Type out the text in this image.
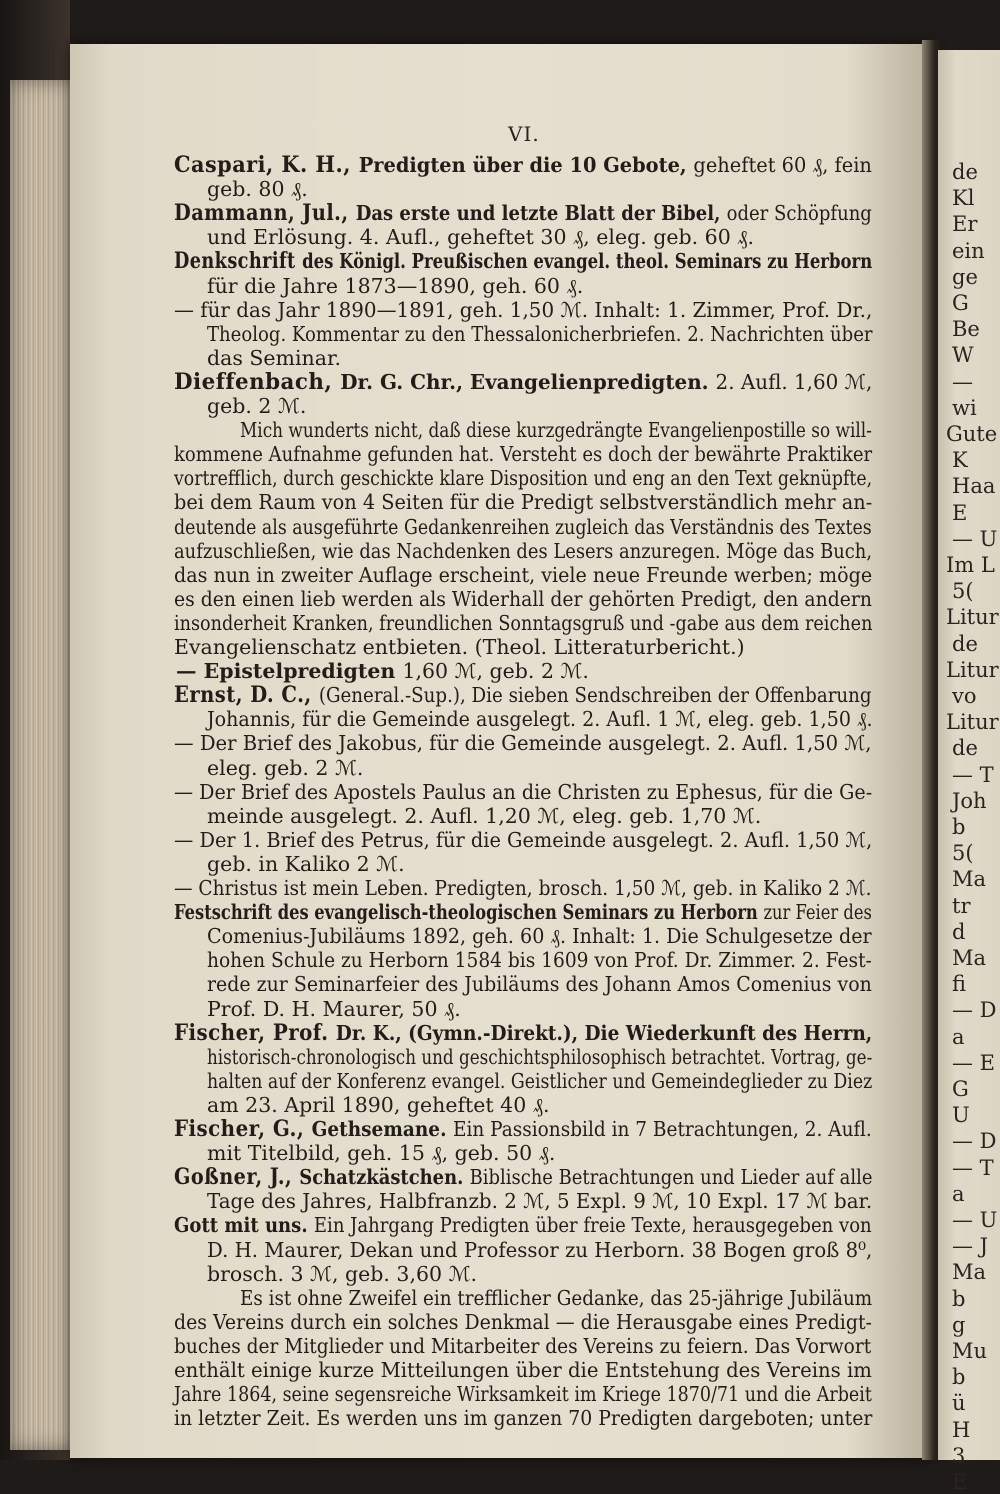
de
Kl
Er
ein
ge
G
Be
W
—
wi
Gute
K
Haa
E
— U
Im L
5(
Litur
de
Litur
vo
Litur
de
— T
Joh
b
5(
Ma
tr
d
Ma
fi
— D
a
— E
G
U
— D
— T
a
— U
— J
Ma
b
g
Mu
b
ü
H
3
E
VI.
Caspari, K. H., Predigten über die 10 Gebote, geheftet 60 ₰, fein
geb. 80 ₰.
Dammann, Jul., Das erste und letzte Blatt der Bibel, oder Schöpfung
und Erlösung. 4. Aufl., geheftet 30 ₰, eleg. geb. 60 ₰.
Denkschrift des Königl. Preußischen evangel. theol. Seminars zu Herborn
für die Jahre 1873—1890, geh. 60 ₰.
— für das Jahr 1890—1891, geh. 1,50 ℳ. Inhalt: 1. Zimmer, Prof. Dr.,
Theolog. Kommentar zu den Thessalonicherbriefen. 2. Nachrichten über
das Seminar.
Dieffenbach, Dr. G. Chr., Evangelienpredigten. 2. Aufl. 1,60 ℳ,
geb. 2 ℳ.
Mich wunderts nicht, daß diese kurzgedrängte Evangelienpostille so will-
kommene Aufnahme gefunden hat. Versteht es doch der bewährte Praktiker
vortrefflich, durch geschickte klare Disposition und eng an den Text geknüpfte,
bei dem Raum von 4 Seiten für die Predigt selbstverständlich mehr an-
deutende als ausgeführte Gedankenreihen zugleich das Verständnis des Textes
aufzuschließen, wie das Nachdenken des Lesers anzuregen. Möge das Buch,
das nun in zweiter Auflage erscheint, viele neue Freunde werben; möge
es den einen lieb werden als Widerhall der gehörten Predigt, den andern
insonderheit Kranken, freundlichen Sonntagsgruß und -gabe aus dem reichen
Evangelienschatz entbieten. (Theol. Litteraturbericht.)
— Epistelpredigten 1,60 ℳ, geb. 2 ℳ.
Ernst, D. C., (General.-Sup.), Die sieben Sendschreiben der Offenbarung
Johannis, für die Gemeinde ausgelegt. 2. Aufl. 1 ℳ, eleg. geb. 1,50 ₰.
— Der Brief des Jakobus, für die Gemeinde ausgelegt. 2. Aufl. 1,50 ℳ,
eleg. geb. 2 ℳ.
— Der Brief des Apostels Paulus an die Christen zu Ephesus, für die Ge-
meinde ausgelegt. 2. Aufl. 1,20 ℳ, eleg. geb. 1,70 ℳ.
— Der 1. Brief des Petrus, für die Gemeinde ausgelegt. 2. Aufl. 1,50 ℳ,
geb. in Kaliko 2 ℳ.
— Christus ist mein Leben. Predigten, brosch. 1,50 ℳ, geb. in Kaliko 2 ℳ.
Festschrift des evangelisch-theologischen Seminars zu Herborn zur Feier des
Comenius-Jubiläums 1892, geh. 60 ₰. Inhalt: 1. Die Schulgesetze der
hohen Schule zu Herborn 1584 bis 1609 von Prof. Dr. Zimmer. 2. Fest-
rede zur Seminarfeier des Jubiläums des Johann Amos Comenius von
Prof. D. H. Maurer, 50 ₰.
Fischer, Prof. Dr. K., (Gymn.-Direkt.), Die Wiederkunft des Herrn,
historisch-chronologisch und geschichtsphilosophisch betrachtet. Vortrag, ge-
halten auf der Konferenz evangel. Geistlicher und Gemeindeglieder zu Diez
am 23. April 1890, geheftet 40 ₰.
Fischer, G., Gethsemane. Ein Passionsbild in 7 Betrachtungen, 2. Aufl.
mit Titelbild, geh. 15 ₰, geb. 50 ₰.
Goßner, J., Schatzkästchen. Biblische Betrachtungen und Lieder auf alle
Tage des Jahres, Halbfranzb. 2 ℳ, 5 Expl. 9 ℳ, 10 Expl. 17 ℳ bar.
Gott mit uns. Ein Jahrgang Predigten über freie Texte, herausgegeben von
D. H. Maurer, Dekan und Professor zu Herborn. 38 Bogen groß 8⁰,
brosch. 3 ℳ, geb. 3,60 ℳ.
Es ist ohne Zweifel ein trefflicher Gedanke, das 25-jährige Jubiläum
des Vereins durch ein solches Denkmal — die Herausgabe eines Predigt-
buches der Mitglieder und Mitarbeiter des Vereins zu feiern. Das Vorwort
enthält einige kurze Mitteilungen über die Entstehung des Vereins im
Jahre 1864, seine segensreiche Wirksamkeit im Kriege 1870/71 und die Arbeit
in letzter Zeit. Es werden uns im ganzen 70 Predigten dargeboten; unter
